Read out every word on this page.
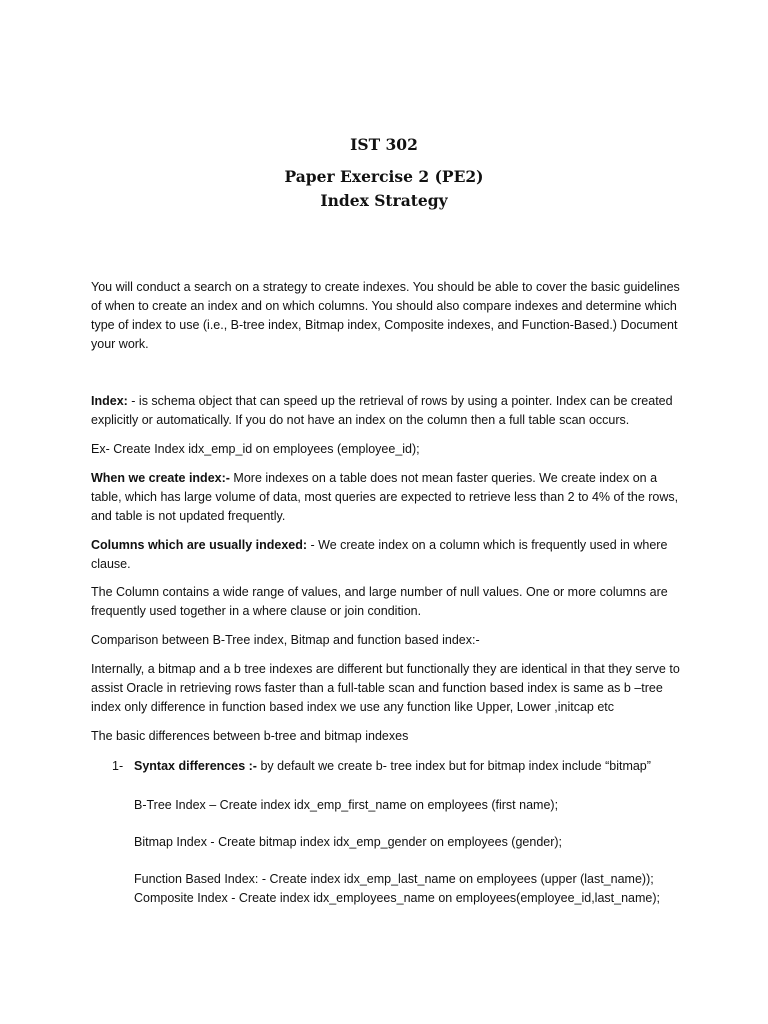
IST 302
Paper Exercise 2 (PE2)
Index Strategy
You will conduct a search on a strategy to create indexes. You should be able to cover the basic guidelines of when to create an index and on which columns. You should also compare indexes and determine which type of index to use (i.e., B-tree index, Bitmap index, Composite indexes, and Function-Based.) Document your work.
Index: - is schema object that can speed up the retrieval of rows by using a pointer. Index can be created explicitly or automatically. If you do not have an index on the column then a full table scan occurs.
Ex- Create Index idx_emp_id on employees (employee_id);
When we create index:- More indexes on a table does not mean faster queries. We create index on a table, which has large volume of data, most queries are expected to retrieve less than 2 to 4% of the rows, and table is not updated frequently.
Columns which are usually indexed: - We create index on a column which is frequently used in where clause.
The Column contains a wide range of values, and large number of null values. One or more columns are frequently used together in a where clause or join condition.
Comparison between B-Tree index, Bitmap and function based index:-
Internally, a bitmap and a b tree indexes are different but functionally they are identical in that they serve to assist Oracle in retrieving rows faster than a full-table scan and function based index is same as b –tree index only difference in function based index we use any function like Upper, Lower ,initcap etc
The basic differences between b-tree and bitmap indexes
1- Syntax differences :- by default we create b- tree index but for bitmap index include “bitmap”
B-Tree Index – Create index idx_emp_first_name on employees (first name);
Bitmap Index - Create bitmap index idx_emp_gender on employees (gender);
Function Based Index: - Create index idx_emp_last_name on employees (upper (last_name));
Composite Index - Create index idx_employees_name on employees(employee_id,last_name);
